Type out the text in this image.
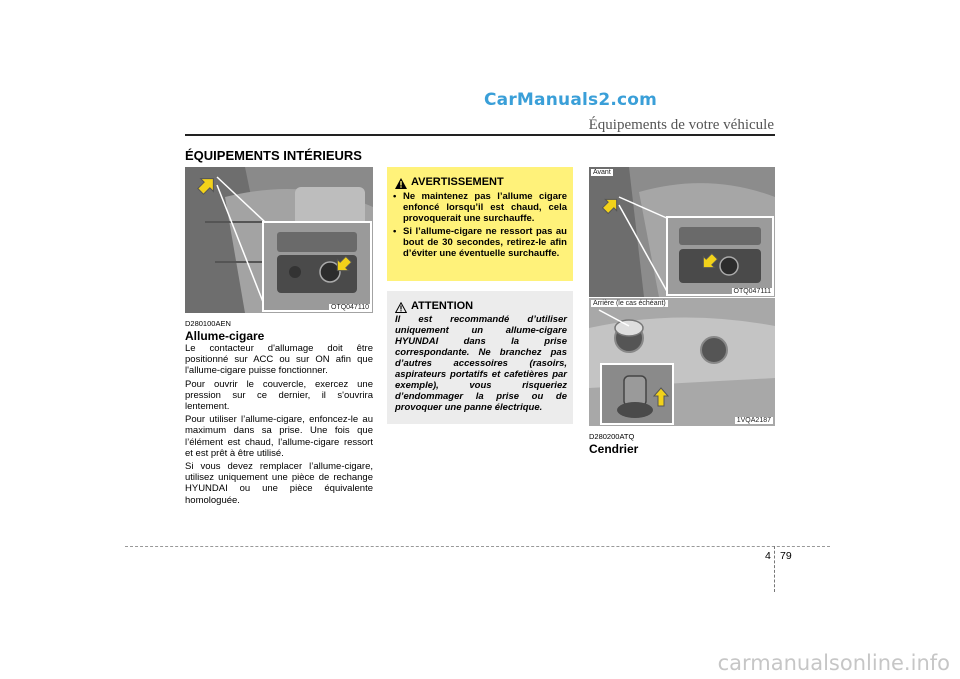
CarManuals2.com
Équipements de votre véhicule
ÉQUIPEMENTS INTÉRIEURS
OTQ047110
D280100AEN
Allume-cigare

Le contacteur d'allumage doit être positionné sur ACC ou sur ON afin que l'allume-cigare puisse fonctionner.

Pour ouvrir le couvercle, exercez une pression sur ce dernier, il s'ouvrira lentement.

Pour utiliser l’allume-cigare, enfoncez-le au maximum dans sa prise. Une fois que l’élément est chaud, l’allume-cigare ressort et est prêt à être utilisé.

Si vous devez remplacer l’allume-cigare, utilisez uniquement une pièce de rechange HYUNDAI ou une pièce équivalente homologuée.

AVERTISSEMENT
• Ne maintenez pas l’allume cigare enfoncé lorsqu’il est chaud, cela provoquerait une surchauffe.
• Si l’allume-cigare ne ressort pas au bout de 30 secondes, retirez-le afin d’éviter une éventuelle surchauffe.
ATTENTION
Il est recommandé d’utiliser uniquement un allume-cigare HYUNDAI dans la prise correspondante. Ne branchez pas d’autres accessoires (rasoirs, aspirateurs portatifs et cafetières par exemple), vous risqueriez d’endommager la prise ou de provoquer une panne électrique.
Avant
OTQ047111
Arrière (le cas échéant)
1VQA2187
D280200ATQ
Cendrier
4 79
carmanualsonline.info
